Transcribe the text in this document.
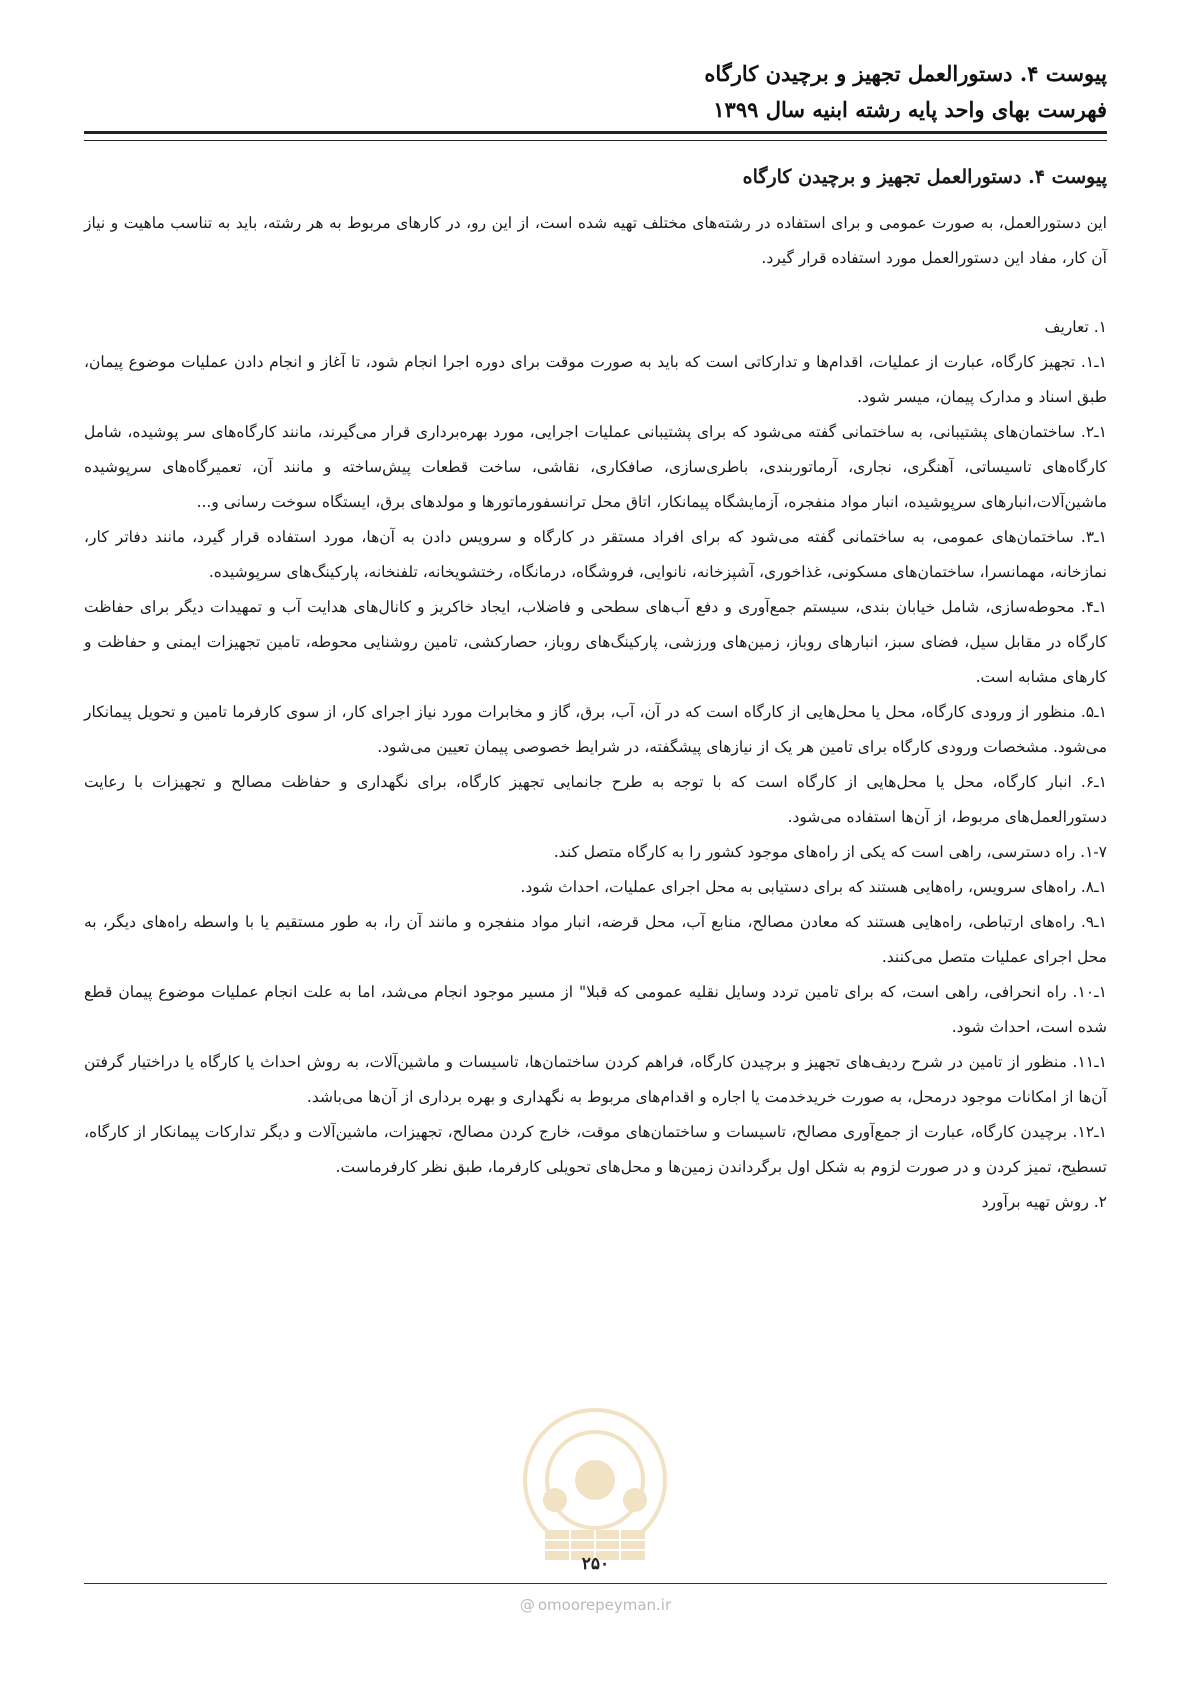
پیوست ۴. دستورالعمل تجهیز و برچیدن کارگاه
فهرست بهای واحد پایه رشته ابنیه سال ۱۳۹۹
پیوست ۴. دستورالعمل تجهیز و برچیدن کارگاه

این دستورالعمل، به صورت عمومی و برای استفاده در رشته‌های مختلف تهیه شده است، از این رو، در کارهای مربوط به هر رشته، باید به تناسب ماهیت و نیاز آن کار، مفاد این دستورالعمل مورد استفاده قرار گیرد.

۱. تعاریف

۱ـ۱. تجهیز کارگاه، عبارت از عملیات، اقدام‌ها و تدارکاتی است که باید به صورت موقت برای دوره اجرا انجام شود، تا آغاز و انجام دادن عملیات موضوع پیمان، طبق اسناد و مدارک پیمان، میسر شود.

۱ـ۲. ساختمان‌های پشتیبانی، به ساختمانی گفته می‌شود که برای پشتیبانی عملیات اجرایی، مورد بهره‌برداری قرار می‌گیرند، مانند کارگاه‌های سر پوشیده، شامل کارگاه‌های تاسیساتی، آهنگری، نجاری، آرماتوربندی، باطری‌سازی، صافکاری، نقاشی، ساخت قطعات پیش‌ساخته و مانند آن، تعمیرگاه‌های سرپوشیده ماشین‌آلات،انبارهای سرپوشیده، انبار مواد منفجره، آزمایشگاه پیمانکار، اتاق محل ترانسفورماتورها و مولدهای برق، ایستگاه سوخت رسانی و...

۱ـ۳. ساختمان‌های عمومی، به ساختمانی گفته می‌شود که برای افراد مستقر در کارگاه و سرویس دادن به آن‌ها، مورد استفاده قرار گیرد، مانند دفاتر کار، نمازخانه، مهمانسرا، ساختمان‌های مسکونی، غذاخوری، آشپزخانه، نانوایی، فروشگاه، درمانگاه، رختشویخانه، تلفنخانه، پارکینگ‌های سرپوشیده.

۱ـ۴. محوطه‌سازی، شامل خیابان بندی، سیستم جمع‌آوری و دفع آب‌های سطحی و فاضلاب، ایجاد خاکریز و کانال‌های هدایت آب و تمهیدات دیگر برای حفاظت کارگاه در مقابل سیل، فضای سبز، انبارهای روباز، زمین‌های ورزشی، پارکینگ‌های روباز، حصارکشی، تامین روشنایی محوطه، تامین تجهیزات ایمنی و حفاظت و کارهای مشابه است.

۱ـ۵. منظور از ورودی کارگاه، محل یا محل‌هایی از کارگاه است که در آن، آب، برق، گاز و مخابرات مورد نیاز اجرای کار، از سوی کارفرما تامین و تحویل پیمانکار می‌شود. مشخصات ورودی کارگاه برای تامین هر یک از نیازهای پیشگفته، در شرایط خصوصی پیمان تعیین می‌شود.

۱ـ۶. انبار کارگاه، محل یا محل‌هایی از کارگاه است که با توجه به طرح جانمایی تجهیز کارگاه، برای نگهداری و حفاظت مصالح و تجهیزات با رعایت دستورالعمل‌های مربوط، از آن‌ها استفاده می‌شود.

۱-۷. راه دسترسی، راهی است که یکی از راه‌های موجود کشور را به کارگاه متصل کند.

۱ـ۸. راه‌های سرویس، راه‌هایی هستند که برای دستیابی به محل اجرای عملیات، احداث شود.

۱ـ۹. راه‌های ارتباطی، راه‌هایی هستند که معادن مصالح، منابع آب، محل قرضه، انبار مواد منفجره و مانند آن را، به طور مستقیم یا با واسطه راه‌های دیگر، به محل اجرای عملیات متصل می‌کنند.

۱ـ۱۰. راه انحرافی، راهی است، که برای تامین تردد وسایل نقلیه عمومی که قبلا" از مسیر موجود انجام می‌شد، اما به علت انجام عملیات موضوع پیمان قطع شده است، احداث شود.

۱ـ۱۱. منظور از تامین در شرح ردیف‌های تجهیز و برچیدن کارگاه، فراهم کردن ساختمان‌ها، تاسیسات و ماشین‌آلات، به روش احداث یا کارگاه یا دراختیار گرفتن آن‌ها از امکانات موجود درمحل، به صورت خریدخدمت یا اجاره و اقدام‌های مربوط به نگهداری و بهره برداری از آن‌ها می‌باشد.

۱ـ۱۲. برچیدن کارگاه، عبارت از جمع‌آوری مصالح، تاسیسات و ساختمان‌های موقت، خارج کردن مصالح، تجهیزات، ماشین‌آلات و دیگر تدارکات پیمانکار از کارگاه، تسطیح، تمیز کردن و در صورت لزوم به شکل اول برگرداندن زمین‌ها و محل‌های تحویلی کارفرما، طبق نظر کارفرماست.

۲. روش تهیه برآورد

۲۵۰
@ omoorepeyman.ir
